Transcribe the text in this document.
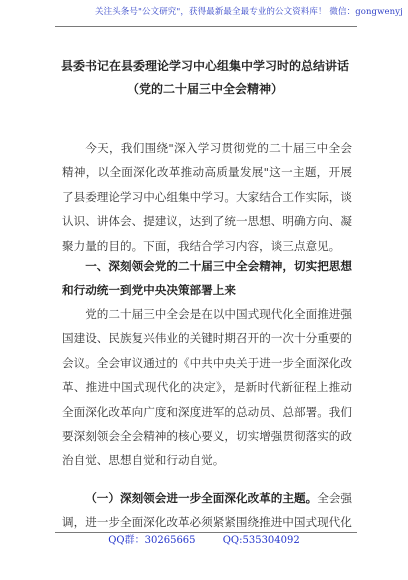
关注头条号"公文研究"，获得最新最全最专业的公文资料库！ 微信：gongwenyj
县委书记在县委理论学习中心组集中学习时的总结讲话
（党的二十届三中全会精神）
今天，我们围绕"深入学习贯彻党的二十届三中全会精神，以全面深化改革推动高质量发展"这一主题，开展了县委理论学习中心组集中学习。大家结合工作实际，谈认识、讲体会、提建议，达到了统一思想、明确方向、凝聚力量的目的。下面，我结合学习内容，谈三点意见。
一、深刻领会党的二十届三中全会精神，切实把思想和行动统一到党中央决策部署上来
党的二十届三中全会是在以中国式现代化全面推进强国建设、民族复兴伟业的关键时期召开的一次十分重要的会议。全会审议通过的《中共中央关于进一步全面深化改革、推进中国式现代化的决定》，是新时代新征程上推动全面深化改革向广度和深度进军的总动员、总部署。我们要深刻领会全会精神的核心要义，切实增强贯彻落实的政治自觉、思想自觉和行动自觉。
（一）深刻领会进一步全面深化改革的主题。全会强调，进一步全面深化改革必须紧紧围绕推进中国式现代化
QQ群：30265665	QQ:535304092
